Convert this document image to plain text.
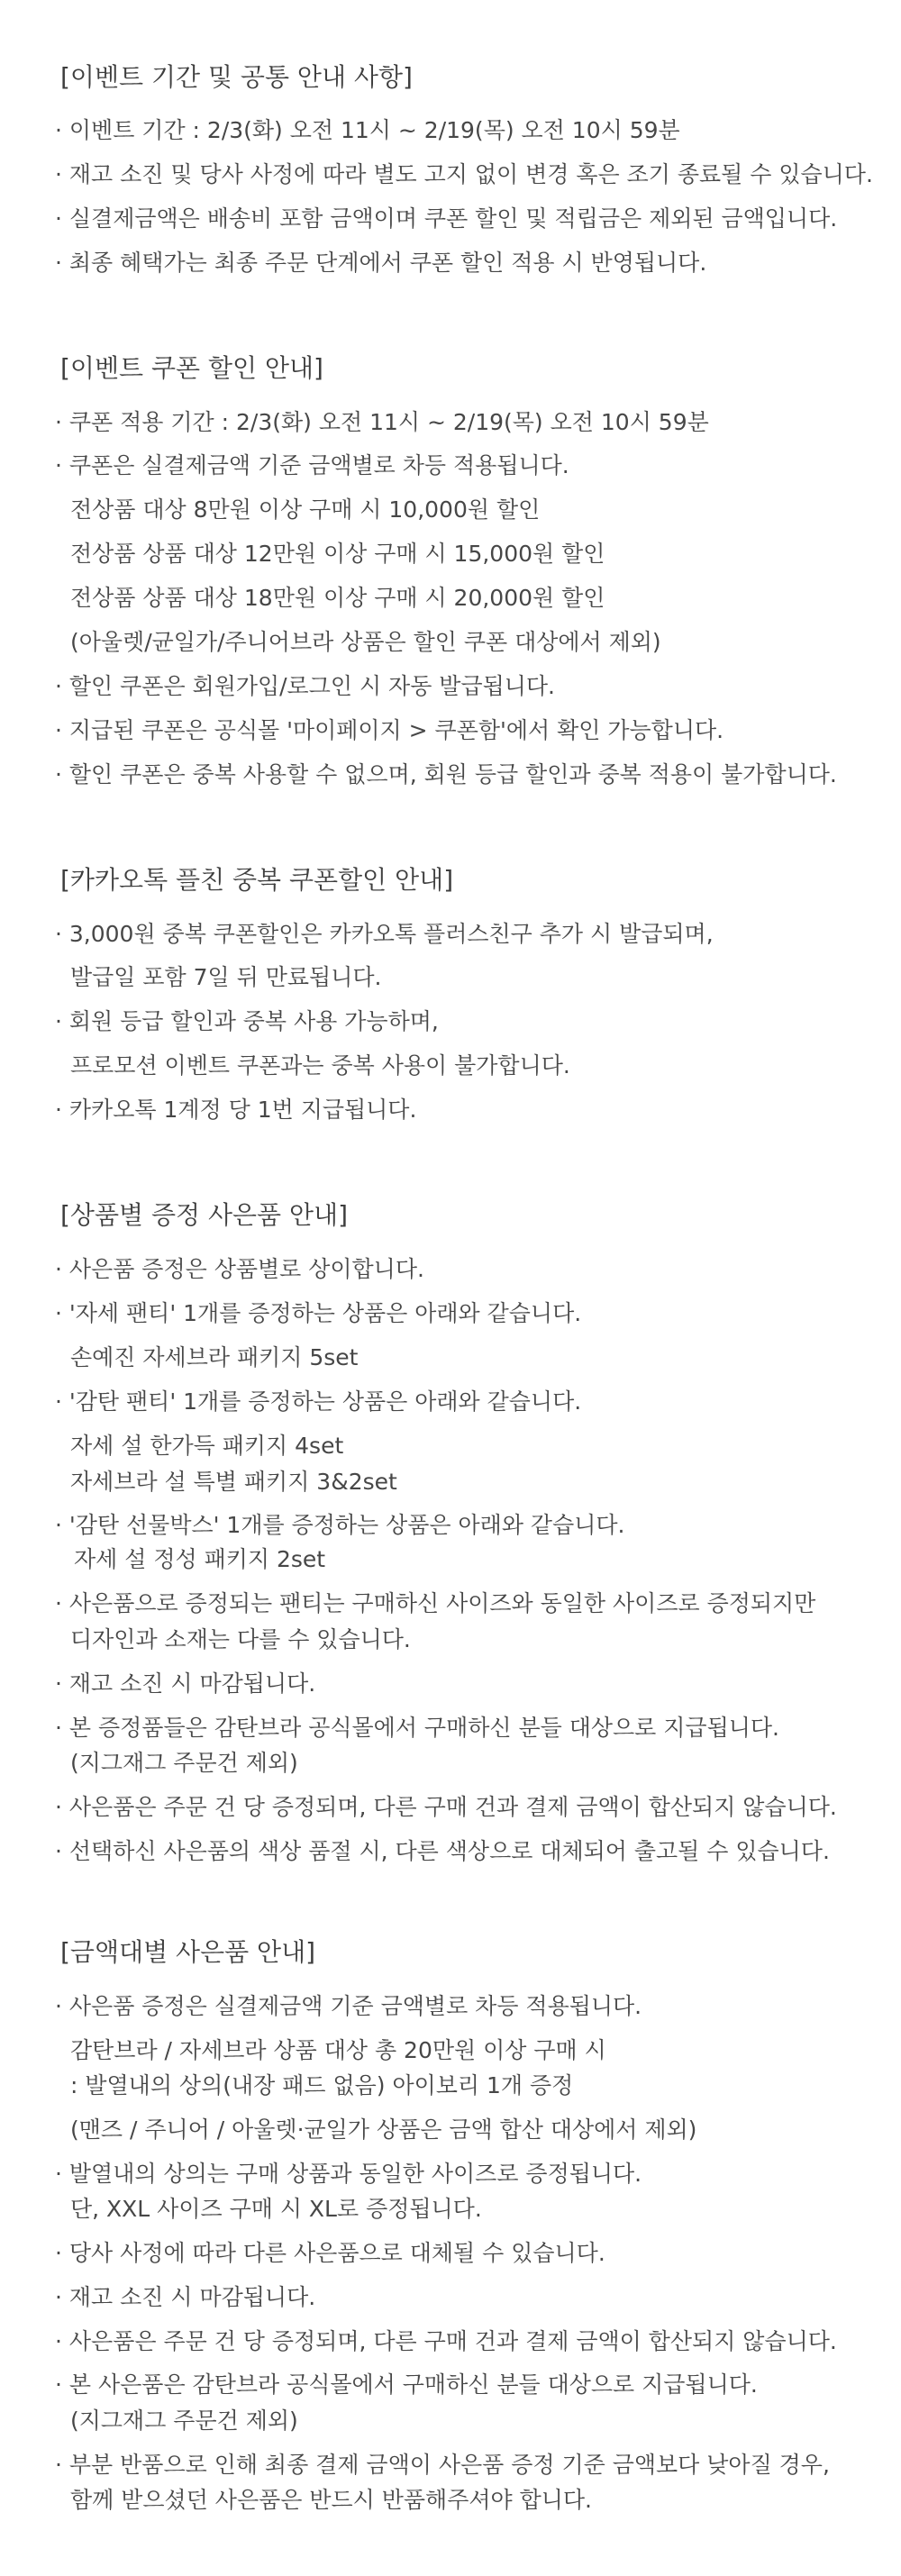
[이벤트 기간 및 공통 안내 사항]
· 이벤트 기간 : 2/3(화) 오전 11시 ~ 2/19(목) 오전 10시 59분
· 재고 소진 및 당사 사정에 따라 별도 고지 없이 변경 혹은 조기 종료될 수 있습니다.
· 실결제금액은 배송비 포함 금액이며 쿠폰 할인 및 적립금은 제외된 금액입니다.
· 최종 혜택가는 최종 주문 단계에서 쿠폰 할인 적용 시 반영됩니다.
[이벤트 쿠폰 할인 안내]
· 쿠폰 적용 기간 : 2/3(화) 오전 11시 ~ 2/19(목) 오전 10시 59분
· 쿠폰은 실결제금액 기준 금액별로 차등 적용됩니다.
전상품 대상 8만원 이상 구매 시 10,000원 할인
전상품 상품 대상 12만원 이상 구매 시 15,000원 할인
전상품 상품 대상 18만원 이상 구매 시 20,000원 할인
(아울렛/균일가/주니어브라 상품은 할인 쿠폰 대상에서 제외)
· 할인 쿠폰은 회원가입/로그인 시 자동 발급됩니다.
· 지급된 쿠폰은 공식몰 '마이페이지 > 쿠폰함'에서 확인 가능합니다.
· 할인 쿠폰은 중복 사용할 수 없으며, 회원 등급 할인과 중복 적용이 불가합니다.
[카카오톡 플친 중복 쿠폰할인 안내]
· 3,000원 중복 쿠폰할인은 카카오톡 플러스친구 추가 시 발급되며,
발급일 포함 7일 뒤 만료됩니다.
· 회원 등급 할인과 중복 사용 가능하며,
프로모션 이벤트 쿠폰과는 중복 사용이 불가합니다.
· 카카오톡 1계정 당 1번 지급됩니다.
[상품별 증정 사은품 안내]
· 사은품 증정은 상품별로 상이합니다.
· '자세 팬티' 1개를 증정하는 상품은 아래와 같습니다.
손예진 자세브라 패키지 5set
· '감탄 팬티' 1개를 증정하는 상품은 아래와 같습니다.
자세 설 한가득 패키지 4set
자세브라 설 특별 패키지 3&2set
· '감탄 선물박스' 1개를 증정하는 상품은 아래와 같습니다.
자세 설 정성 패키지 2set
· 사은품으로 증정되는 팬티는 구매하신 사이즈와 동일한 사이즈로 증정되지만
디자인과 소재는 다를 수 있습니다.
· 재고 소진 시 마감됩니다.
· 본 증정품들은 감탄브라 공식몰에서 구매하신 분들 대상으로 지급됩니다.
(지그재그 주문건 제외)
· 사은품은 주문 건 당 증정되며, 다른 구매 건과 결제 금액이 합산되지 않습니다.
· 선택하신 사은품의 색상 품절 시, 다른 색상으로 대체되어 출고될 수 있습니다.
[금액대별 사은품 안내]
· 사은품 증정은 실결제금액 기준 금액별로 차등 적용됩니다.
감탄브라 / 자세브라 상품 대상 총 20만원 이상 구매 시
: 발열내의 상의(내장 패드 없음) 아이보리 1개 증정
(맨즈 / 주니어 / 아울렛·균일가 상품은 금액 합산 대상에서 제외)
· 발열내의 상의는 구매 상품과 동일한 사이즈로 증정됩니다.
단, XXL 사이즈 구매 시 XL로 증정됩니다.
· 당사 사정에 따라 다른 사은품으로 대체될 수 있습니다.
· 재고 소진 시 마감됩니다.
· 사은품은 주문 건 당 증정되며, 다른 구매 건과 결제 금액이 합산되지 않습니다.
· 본 사은품은 감탄브라 공식몰에서 구매하신 분들 대상으로 지급됩니다.
(지그재그 주문건 제외)
· 부분 반품으로 인해 최종 결제 금액이 사은품 증정 기준 금액보다 낮아질 경우,
함께 받으셨던 사은품은 반드시 반품해주셔야 합니다.
